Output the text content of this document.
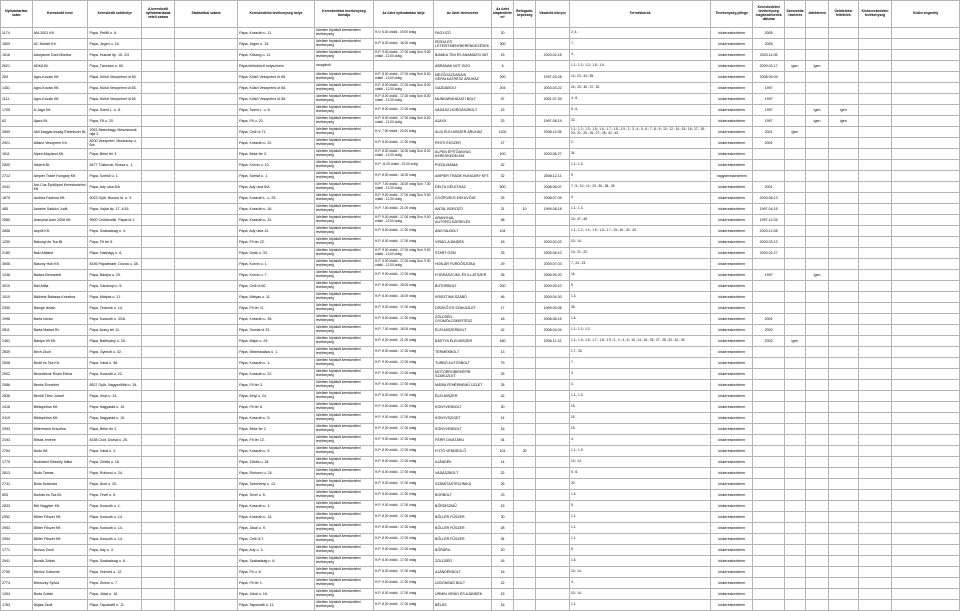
Nyilvántartási szám	Kereskedő neve	Kereskedő székhelye	A kereskedő nyilvántartásba vételi száma	Statisztikai száma	Kereskedelmi tevékenység helye	Kereskedelmi tevékenység formája	Az üzlet nyitvatartási ideje	Az üzlet elnevezése	Az üzlet alapterülete m²	Befogadó-képesség	Vásárlók könyve	Termékkörök	Tevékenység jellege	Kereskedelmi tevékenység megkezdésének dátuma	Szeszesital kimérés	Játékterem	Üzletkötési feltételek	Kiskereskedelmi tevékenység	Külön engedély
1174	AM-2001 Kft.	Pápa, Petőfi u. 6.			Pápa, Kossuth u. 11.	üzletben folytatott kereskedelmi tevékenység	H-V: 6.00 órától - 19.00 óráig	FAGYIZÓ	20			2; 4.;	kiskereskedelem	2005					
1809	AC Mobiel Kft.	Pápa, Jegen u. 15.			Pápa, Jegen u. 15.	üzletben folytatott kereskedelmi tevékenység	H-P: 8.00 órától - 16.00 óráig	IRODA ÉS LÉTESÍTMÉNYBERENDEZÉSEK	300			7.;	kiskereskedelem	2005					
1616	Adorjánné Dani Mónika	Pápa, Huszár ltp. 15. 2/3			Pápa, Kőszeg u. 11.	üzletben folytatott kereskedelmi tevékenység	H-P: 9.00 órától - 17.00 óráig Szo: 9.00 órától - 12.00 óráig	BIANKA TINI ÉS ANAMÁZSI VAT	15		2003.02.18	4.	kiskereskedelem	2003.11.06					
2621	ADKA Bt.	Pápa, Táncsics u. 60.			Pápa különböző helyszínein	mozgóbolt		ÁBRÁNAK NOT GOG	6			1.1.; 1.2.; 1.3.; 1.8.; 1.9.	kiskereskedelem	2009.03.17	igen	igen			
263	Agro-Kocsis Kft.	Pápa, Külső Veszprémi út 65.			Pápa, Külső Veszprémi út 65.	üzletben folytatott kereskedelmi tevékenység	H-P: 8.00 órától - 17.00 óráig Szo: 8.00 órától - 12.00 óráig	MEZŐGAZDASÁGI GÉPALKATRÉSZ ÁRUHÁZ	200		1997.03.28	14.; 23.; 44.; 55.	kiskereskedelem	2008.09.09					
1451	Agro-Kocsis Kft.	Pápa, Külső Veszprémi út 65.			Pápa, Külső Veszprémi út 65.	üzletben folytatott kereskedelmi tevékenység	H-P: 8.00 órától - 17.00 óráig Szo: 8.00 órától - 12.00 óráig	GAZDABOLT	204		2003.03.22	24.; 25.; 36.; 37.; 52.	kiskereskedelem	1997					
1111	Agro-Kocsis Kft.	Pápa, Külső Veszprémi út 65.			Pápa, Külső Veszprémi út 65.	üzletben folytatott kereskedelmi tevékenység	H-P: 8.00 órától - 17.00 óráig Szo: 8.00 órától - 12.00 óráig	MUNKARUHÁZATI BOLT	97		2001.07.39	4.; 6.	kiskereskedelem	1997					
1705	A-Jagó Kft.	Pápa, Szent L. u. 8.			Pápa, Szent L. u. 8.	üzletben folytatott kereskedelmi tevékenység	H-P: 8.30 órától - 17.00 óráig	VADÁSZ-HORGÁSZBOLT	15			5.; 6.	kiskereskedelem	1997		igen	igen		
82	Ajaxx Bt.	Pápa, Fő u. 20.			Pápa, Fő u. 20.	üzletben folytatott kereskedelmi tevékenység	H-P: 8.00 órától - 17.00 óráig Szo: 8.00 órától - 12.00 óráig	AJAXX	23		1997.08.19	32.	kiskereskedelem	1997		igen	igen		
2899	Aldi Magyarország Élelmiszer Bt.	2051 Biatorbágy, Mészárosok útja 2.			Pápa, Celli út 71.	üzletben folytatott kereskedelmi tevékenység	H-V: 7.00 órától - 20.00 óráig	ALDI ÉLELMISZER ÁRUHÁZ	1100		2008.12.05	1.1.; 1.2.; 1.3.; 1.5.; 1.6.; 1.7.; 1.8.; 1.9.; 2.; 3.; 4.; 5.; 6.; 7.; 8.; 9.; 10.; 12.; 14.; 15.; 16.; 17.; 18.; 20.; 21.; 25.; 26.; 27.; 28.; 32.; 43.	kiskereskedelem	2001	igen				
2921	Allianz Veszprém Kft.	8200 Veszprém, Munkácsy u. 6/a			Pápa, Kossuth u. 22.	üzletben folytatott kereskedelmi tevékenység	H-P: 8.00 órától - 17.00 óráig	PESTI ÉKSZER	27			2.	kiskereskedelem	2001					
1611	Alpen-Mayland Kft.	Pápa, Béke tér 3.			Pápa, Béke tér 3.	üzletben folytatott kereskedelmi tevékenység	H-P: 8.00 órától - 16.00 óráig Szo: 8.00 órától - 12.00 óráig	ALPEN ÉPÍTŐANYAG KERESKEDELEM	100		2003.06.27	34.	kiskereskedelem						
2830	Alsterit Bt.	8477 Tüskevár, Rózsa u. 1.			Pápa, Korvin u. 10.	üzletben folytatott kereskedelmi tevékenység	H-P: 11.00 órától - 22.00 óráig	PIZZA-MÁNIA	42			1.1.; 1.3.	kiskereskedelem						
2712	Ampier Trade Hungary Kft.	Pápa, Szélső u. 1.			Pápa, Szélső u. 1.	üzletben folytatott kereskedelmi tevékenység	H-P: 8.00 órától - 16.00 óráig	AMPIER TRADE HUNGARY KFT.	32		2008.12.11	9.	nagykereskedelem						
2041	Ant-Cus Építőipari Kereskedelmi Kft.	Pápa, Ady utca 6/A			Pápa, Ady utca 6/A	üzletben folytatott kereskedelmi tevékenység	H-P: 7.00 órától - 16.00 óráig Szo: 7.00 órától - 12.00 óráig	DELTA GÉLETHÁZ	500		2008.06.07	7.; 9.; 10.; 14.; 23.; 36.; 38.; 39.	kiskereskedelem	2001					
1879	Andrea Fashion Kft.	9023 Győr, Bocsor kt. u. 3.			Pápa, Kossuth L. u. 25.	üzletben folytatott kereskedelmi tevékenység	H-P: 9.00 órától - 17.00 óráig Szo: 9.00 órától - 12.00 óráig	GYÖPÜSKÖ ESKÜVŐJE	25		2008.07.09	4.	kiskereskedelem	2003.06.13					
485	Antalné Sárközi Judit	Pápa, Vajda ltp. 17. 4/16			Pápa, Kossuth u. 16.	üzletben folytatott kereskedelmi tevékenység	H-P: 7.00 órától - 21.00 óráig	ANTAL BOROZÓ	21	10	1999.08.18	1.1.; 1.3.	kiskereskedelem	1997.04.15					
2580	Aranyhal Autó 2008 Kft.	9500 Celldömölk, Pápai út 1.			Pápa, Kossuth u. 32.	üzletben folytatott kereskedelmi tevékenység	H-P: 9.00 órától - 17.00 óráig Szo: 9.00 órától - 12.00 óráig	ARANYHAL AUTÓFELSZERELÉS	48			10.; 47.; 48.	kiskereskedelem	1997.12.04					
2858	Asprill Kft.	Pápa, Szabadság u. 4.			Pápa, Ady utca 12.	üzletben folytatott kereskedelmi tevékenység	H-P: 8.00 órától - 17.00 óráig	ANGYALBOLT	104			1.1.; 1.2.; 1.4.; 1.5.; 1.6.; 1.7.; 15.; 40.; 42.; 43.	kiskereskedelem	2003.12.08					
1250	Bakonyi és Tsa Bt.	Pápa, Fő tér 5.			Pápa, Fő tér 22.	üzletben folytatott kereskedelmi tevékenység	H-P: 8.00 órától - 17.00 óráig	VIRÁG-AJÁNDÉK	18		2003.02.03	10.; 14.	kiskereskedelem	2003.03.13					
2180	Baki Attiláné	Pápa, Hadnagy u. 6.			Pápa, Deák u. 33.	üzletben folytatott kereskedelmi tevékenység	H-P: 9.00 órától - 17.00 óráig Szo: 9.00 órától - 12.00 óráig	START GSM	25		2005.08.10	10.; 21.; 22.	kiskereskedelem	2003.02.27					
3006	Bakony Hob Kft.	8156 Pápateszér, Dózsa u. 38.			Pápa, Korvin u. 1.	üzletben folytatott kereskedelmi tevékenység	H-P: 9.00 órától - 17.00 óráig Szo: 9.00 órától - 12.00 óráig	HOB-ÁR FÜRDŐSZOBA	29		2009.07.03	7.; 24.; 23.	kiskereskedelem						
1246	Balázs Bernadett	Pápa, Bástya u. 25.			Pápa, Korvin u. 7.	üzletben folytatott kereskedelmi tevékenység	H-P: 9.00 órától - 17.00 óráig	FODRÁSZCIKK ÉS ILLATSZER	35		2006.09.20	16.	kiskereskedelem	1997		igen			
3010	Bali Attila	Pápa, Gárdonyi u. 5.			Pápa, Celli út 60.	üzletben folytatott kereskedelmi tevékenység	H-P: 8.00 órától - 18.00 óráig	BÚTORBOLT	200		2009.09.10	9.	kiskereskedelem						
1910	Bálintné Balassa Krisztina	Pápa, Mátyás u. 11.			Pápa, Mátyás u. 11.	üzletben folytatott kereskedelmi tevékenység	H-P: 8.00 órától - 16.00 óráig	KRISZTINA SZABÓ	46		2009.04.30	1.3.	kiskereskedelem						
2350	Balogh István	Pápa, Ördomb u. 14.			Pápa, Fő tér 11.	üzletben folytatott kereskedelmi tevékenység	H-P: 9.00 órától - 17.00 óráig	DÍSZKŐ ÉS SZAKÜZLET	17		1999.09.06	35.	kiskereskedelem						
1998	Barta István	Pápa, Kossuth u. 33/A			Pápa, Kossuth u. 35.	üzletben folytatott kereskedelmi tevékenység	H-P: 8.00 órától - 17.00 óráig	ZÖLDSÉG-GYÜMÖLCSKERTÉSZ	18		2008.06.15	1.5.	kiskereskedelem	2001					
2811	Barta Market Bt.	Pápa, Arany tér 11.			Pápa, Somlai út 33.	üzletben folytatott kereskedelmi tevékenység	H-P: 7.00 órától - 18.00 óráig	ÉLELMISZERBOLT	42		2008.04.04	1.1.; 1.2.; 1.3.	kiskereskedelem	2002					
2461	Bástya 99 Kft.	Pápa, Batthyány u. 26.			Pápa, Major u. 29.	üzletben folytatott kereskedelmi tevékenység	H-P: 6.00 órától - 21.00 óráig	BÁSTYA ÉLELMISZER	180		2006.11.22	1.1.; 1.4.; 1.5.; 1.7.; 1.8.; 1.9.; 2.; 3.; 4.; 6.; 10.; 14.; 16.; 25.; 27.; 28.; 32.; 42.; 43.	kiskereskedelem	2002	igen				
2839	Bech Zsolt	Pápa, Gyimóti u. 32.			Pápa, Mézeskalács u. 1.	üzletben folytatott kereskedelmi tevékenység	H-P: 8.00 órától - 17.00 óráig	TERMÉKBOLT	13			1.7.; 30.	kiskereskedelem						
2508	Bedő és Tsa Kft.	Pápa, Várai u. 96.			Pápa, Kossuth u. 1.	üzletben folytatott kereskedelmi tevékenység	H-P: 9.00 órától - 17.00 óráig	TURBÓ AUTÓSBOLT	79			7.	kiskereskedelem						
2902	Benedekné Rózsi Edina	Pápa, Kossuth u. 22.			Pápa, Kossuth u. 22.	üzletben folytatott kereskedelmi tevékenység	H-P: 9.00 órától - 17.00 óráig	MOTORROBER/ÉPÍR SZAKÜZLET	25			3.	kiskereskedelem						
2086	Benke Erzsébet	8527 Győr, Nagyszőlősi u. 34.			Pápa, Fő tér 3.	üzletben folytatott kereskedelmi tevékenység	H-P: 9.00 órától - 17.00 óráig	MÁRIA FEHÉRNEMŰ ÜZLET	28			4.	kiskereskedelem						
2838	Benkő Tibor József	Pápa, Irinyi u. 24.			Pápa, Irinyi u. 24.	üzletben folytatott kereskedelmi tevékenység	H-P: 8.00 órától - 17.00 óráig	ÉLELMISZER	42			1.1.; 1.3.	kiskereskedelem						
1418	Bibliophilus Kft.	Pápa, Nagyatád u. 10.			Pápa, Fő tér 8.	üzletben folytatott kereskedelmi tevékenység	H-P: 9.00 órától - 17.00 óráig	KÖNYVESBOLT	30			15.	kiskereskedelem						
2419	Bibliophilus Kft.	Pápa, Nagyatád u. 10.			Pápa, Kossuth u. 5.	üzletben folytatott kereskedelmi tevékenység	H-P: 9.00 órától - 17.00 óráig	KÖNYVSZIGET	14			15.	kiskereskedelem						
2993	Bittermann Krisztina	Pápa, Béke tér 2.			Pápa, Béke tér 2.	üzletben folytatott kereskedelmi tevékenység	H-P: 9.00 órától - 17.00 óráig	KÖNYVESBOLT	16			15.	kiskereskedelem						
2193	Birkás Imréné	8158 Csót, Dózsa u. 25.			Pápa, Fő tér 12.	üzletben folytatott kereskedelmi tevékenység	H-P: 9.00 órától - 17.00 óráig	FÉRFI DIVATÁRU	34			4.	kiskereskedelem						
2764	Bodó Kft.	Pápa, Várai u. 2.			Pápa, Kossuth u. 9.	üzletben folytatott kereskedelmi tevékenység	H-P: 8.00 órától - 17.00 óráig	FOTÓ VENDÉGLŐ	101	30		1.1.; 1.3.	kiskereskedelem						
1779	Bodnárné Bőzsöly Ildikó	Pápa, Zöldfa u. 18.			Pápa, Zöldfa u. 18.	üzletben folytatott kereskedelmi tevékenység	H-P: 8.00 órától - 17.00 óráig	AJÁNDÉK	14			10.; 14.	kiskereskedelem						
2813	Bodó Tamás	Pápa, Rohonci u. 24.			Pápa, Rohonci u. 24.	üzletben folytatott kereskedelmi tevékenység	H-P: 8.00 órától - 17.00 óráig	VADÁSZBOLT	22			5.; 6.	kiskereskedelem						
2741	Bolla Szabolcs	Pápa, Árok u. 20.			Pápa, Széchenyi u. 13.	üzletben folytatott kereskedelmi tevékenység	H-P: 9.00 órától - 17.00 óráig	SZÁMÍTÁSTECHNIKA	26			20.	kiskereskedelem						
805	Borbás és Tsa Bt.	Pápa, Tevel u. 5.			Pápa, Tevel u. 5.	üzletben folytatott kereskedelmi tevékenység	H-P: 8.00 órától - 17.00 óráig	BORBOLT	23			1.3.	kiskereskedelem						
2833	Bőr Nagyker Kft.	Pápa, Kossuth u. 1.			Pápa, Kossuth u. 1.	üzletben folytatott kereskedelmi tevékenység	H-P: 9.00 órától - 17.00 óráig	BŐRDÍSZMŰ	15			5.	kiskereskedelem						
2952	Bőlter Fűszer Kft.	Pápa, Kossuth u. 14.			Pápa, Kossuth u. 14.	üzletben folytatott kereskedelmi tevékenység	H-P: 8.00 órától - 17.00 óráig	BŐLLÉR FŰSZER	30			1.1.	kiskereskedelem						
2953	Bőlter Fűszer Kft.	Pápa, Kossuth u. 14.			Pápa, Jókai u. 9.	üzletben folytatott kereskedelmi tevékenység	H-P: 8.00 órától - 17.00 óráig	BŐLLÉR FŰSZER	28			1.1.	kiskereskedelem						
2954	Bőlter Fűszer Kft.	Pápa, Kossuth u. 14.			Pápa, Celli út 7.	üzletben folytatott kereskedelmi tevékenység	H-P: 8.00 órától - 17.00 óráig	BŐLLÉR FŰSZER	34			1.1.	kiskereskedelem						
1771	Borsos Zsolt	Pápa, Ady u. 3.			Pápa, Ady u. 3.	üzletben folytatott kereskedelmi tevékenység	H-P: 9.00 órától - 17.00 óráig	BŐRÁRU	20			5.	kiskereskedelem						
2941	Bozsik Zoltán	Pápa, Szabadság u. 6.			Pápa, Szabadság u. 6.	üzletben folytatott kereskedelmi tevékenység	H-P: 8.00 órától - 17.00 óráig	ZÖLDSÉG	18			1.5.	kiskereskedelem						
2755	Böröcz Gáborné	Pápa, Honvéd u. 12.			Pápa, Fő u. 8.	üzletben folytatott kereskedelmi tevékenység	H-P: 8.00 órától - 17.00 óráig	AJÁNDÉKBOLT	16			10.; 14.	kiskereskedelem						
2774	Böröczky Sylvia	Pápa, Zsíros u. 7.			Pápa, Fő tér 1.	üzletben folytatott kereskedelmi tevékenység	H-P: 9.00 órától - 17.00 óráig	ÚJDONSÁG BOLT	22			4.	kiskereskedelem						
1264	Buda Zoltán	Pápa, Jókai u. 16.			Pápa, Jókai u. 16.	üzletben folytatott kereskedelmi tevékenység	H-P: 8.00 órától - 17.00 óráig	ÚRMIN VIRÁG ÉS AJÁNDÉK	15			10.; 14.	kiskereskedelem						
1783	Bujtás Zsolt	Pápa, Tapolcafő u. 11.			Pápa, Tapolcafő u. 11.	üzletben folytatott kereskedelmi tevékenység	H-P: 8.00 órától - 17.00 óráig	BÉLÁS	16			1.1.	kiskereskedelem						
